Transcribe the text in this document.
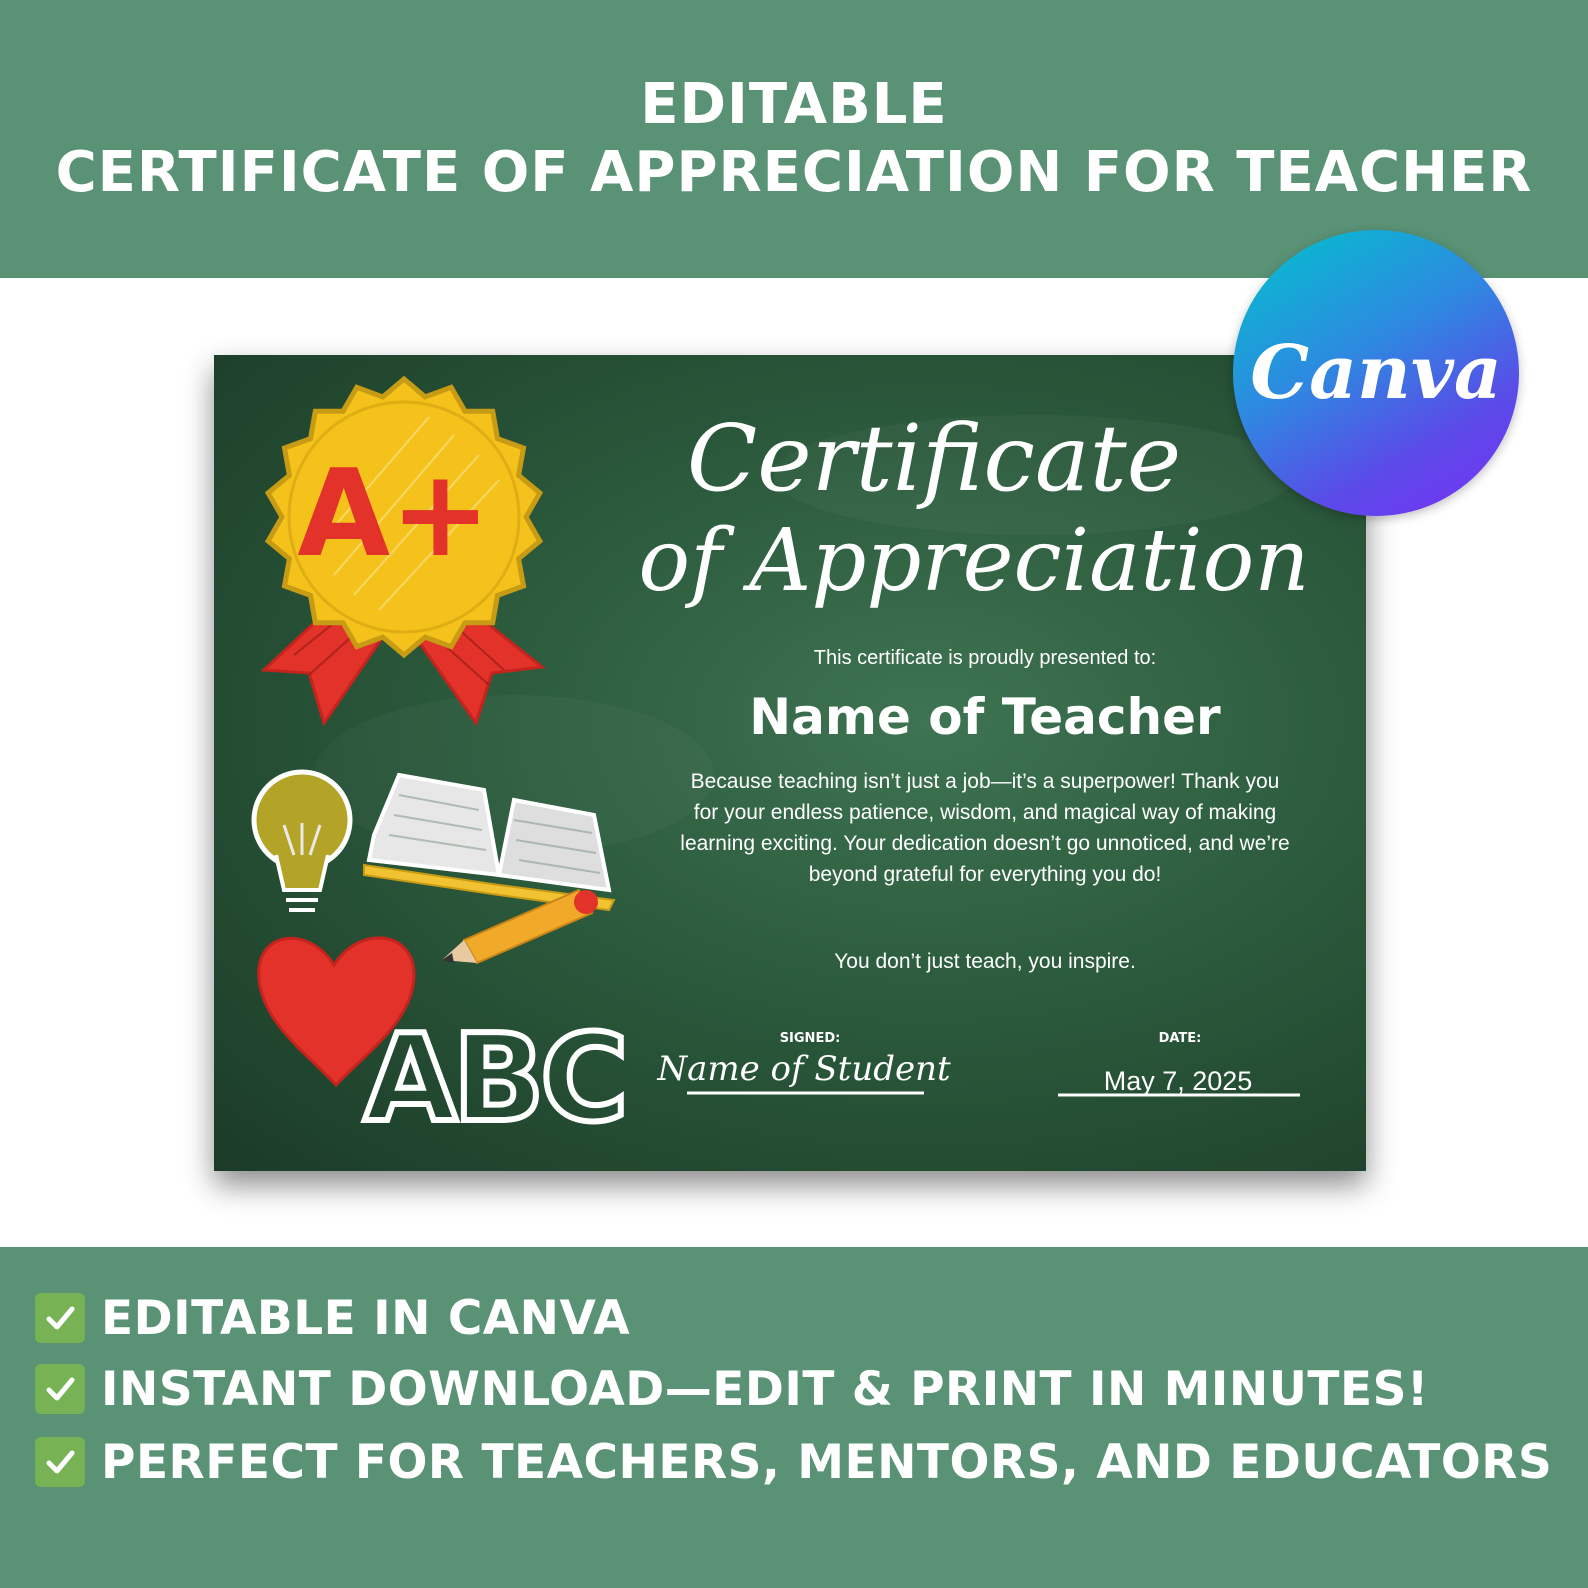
EDITABLE
CERTIFICATE OF APPRECIATION FOR TEACHER
A+
ABC
Certificate
of Appreciation
Name of Student
This certificate is proudly presented to:
Name of Teacher
Because teaching isn’t just a job—it’s a superpower! Thank you for your endless patience, wisdom, and magical way of making learning exciting. Your dedication doesn’t go unnoticed, and we’re beyond grateful for everything you do!
You don’t just teach, you inspire.
SIGNED:	DATE:
May 7, 2025
Canva
EDITABLE IN CANVA
INSTANT DOWNLOAD—EDIT & PRINT IN MINUTES!
PERFECT FOR TEACHERS, MENTORS, AND EDUCATORS
